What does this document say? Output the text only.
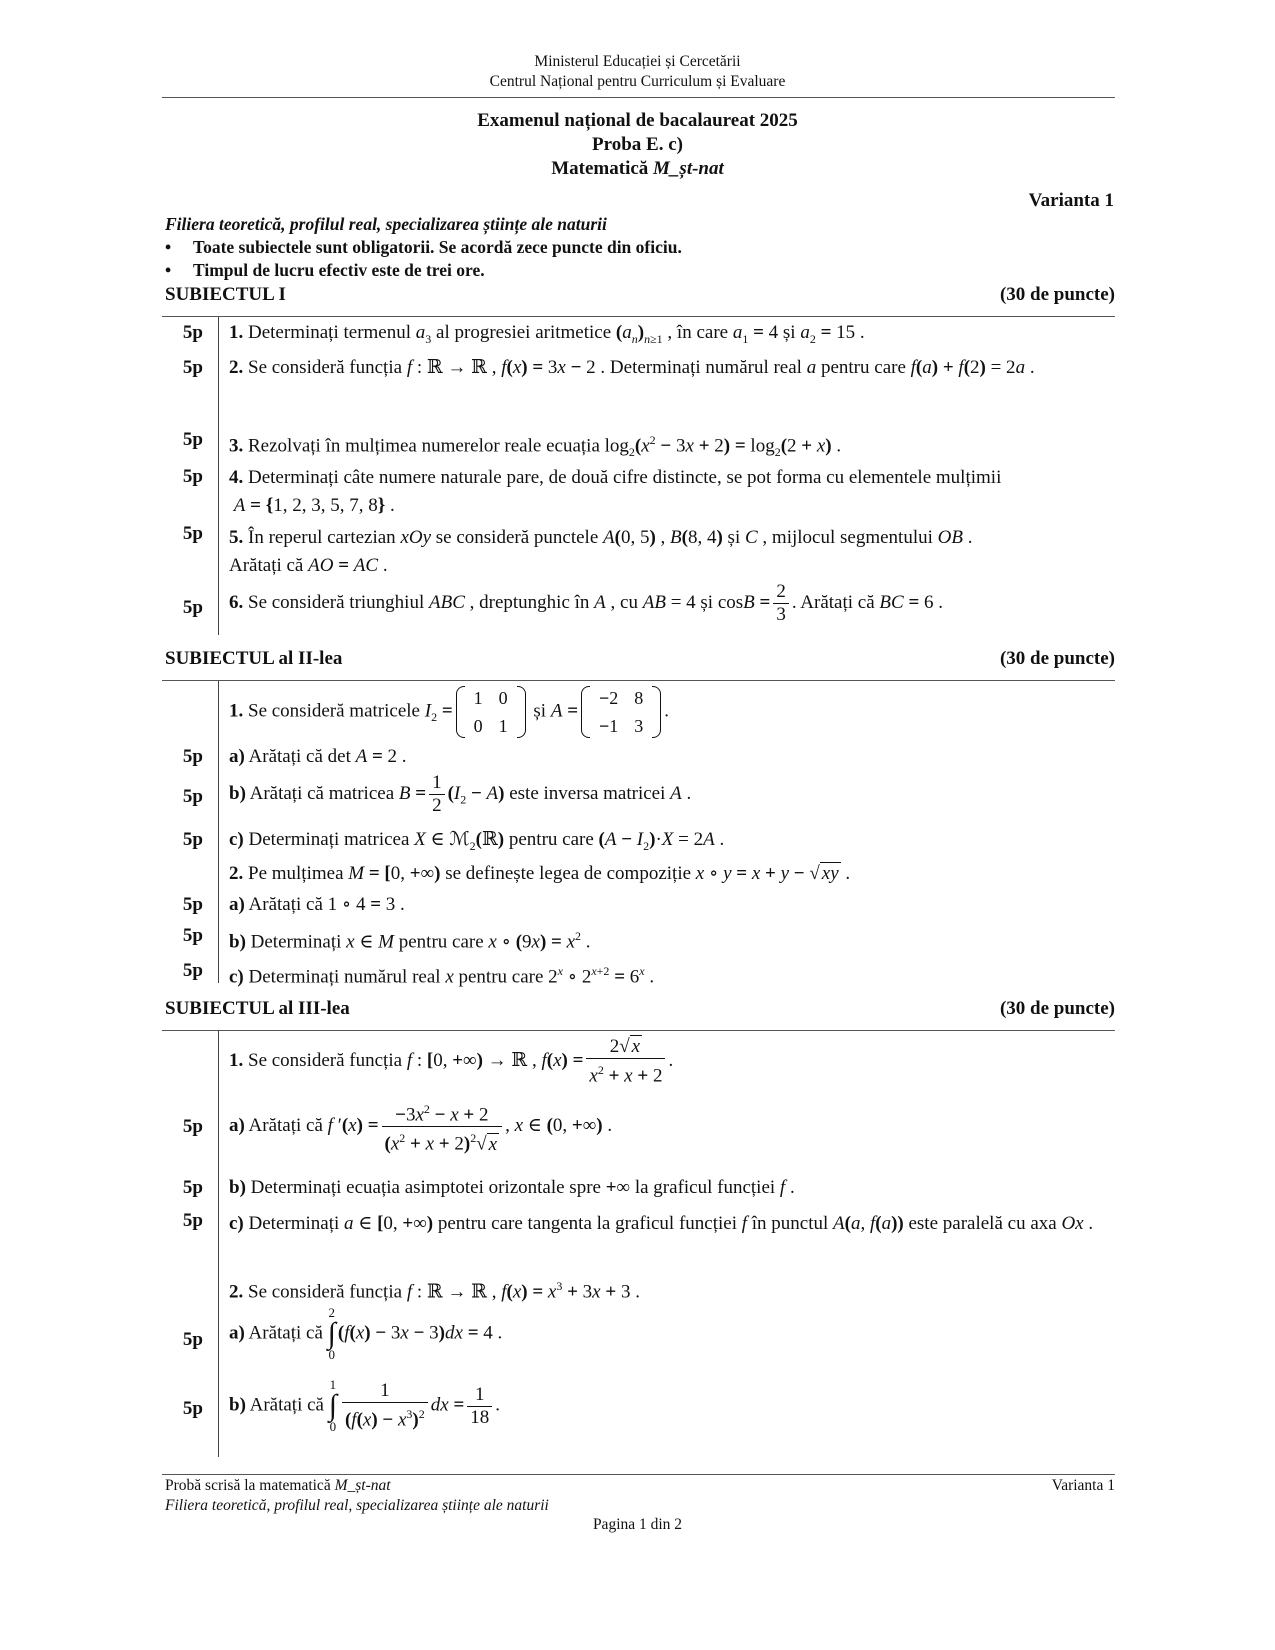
Ministerul Educației și Cercetării
Centrul Național pentru Curriculum și Evaluare
Examenul național de bacalaureat 2025
Proba E. c)
Matematică M_șt-nat
Varianta 1
Filiera teoretică, profilul real, specializarea științe ale naturii
• Toate subiectele sunt obligatorii. Se acordă zece puncte din oficiu.
• Timpul de lucru efectiv este de trei ore.
SUBIECTUL I	(30 de puncte)
5p 1. Determinați termenul $a_3$ al progresiei aritmetice $(a_n)_{n\ge 1}$ , în care $a_1 = 4$ și $a_2 = 15$ .
5p 2. Se consideră funcția f : ℝ → ℝ , f(x) = 3x − 2 . Determinați numărul real a pentru care f(a) + f(2) = 2a .
5p 3. Rezolvați în mulțimea numerelor reale ecuația $\log_2(x^2 - 3x + 2) = \log_2(2 + x)$ .
5p 4. Determinați câte numere naturale pare, de două cifre distincte, se pot forma cu elementele mulțimii
A = {1, 2, 3, 5, 7, 8} .
5p 5. În reperul cartezian xOy se consideră punctele A(0, 5) , B(8, 4) și C , mijlocul segmentului OB .
Arătați că AO = AC .
5p 6. Se consideră triunghiul ABC , dreptunghic în A , cu AB = 4 și $\cos B = \frac{2}{3}$ . Arătați că BC = 6 .
SUBIECTUL al II-lea	(30 de puncte)
1. Se consideră matricele $I_2$ =
1	0
0	1
și A =
−2	8
−1	3
.
5p a) Arătați că det A = 2 .
5p b) Arătați că matricea $B = \frac{1}{2} (I_2 - A)$ este inversa matricei A .
5p c) Determinați matricea X ∈ ℳ$_2$(ℝ) pentru care $(A - I_2)\cdot X = 2A$ .
2. Pe mulțimea M = [0, +∞) se definește legea de compoziție x ∘ y = x + y − √ xy .
5p a) Arătați că 1 ∘ 4 = 3 .
5p b) Determinați x ∈ M pentru care x ∘ $(9x) = x^2$ .
5p c) Determinați numărul real x pentru care 2$^x$ ∘ $2^{x+2} = 6^x$ .
SUBIECTUL al III-lea	(30 de puncte)
1. Se consideră funcția f : [0, +∞) → ℝ , $f(x) = \frac{2√ x}{x^2 + x + 2}$ .
5p a) Arătați că f $'(x) = \frac{-3x^2 - x + 2}{(x^2 + x + 2)^2√ x}$ , x ∈ (0, +∞) .
5p b) Determinați ecuația asimptotei orizontale spre +∞ la graficul funcției f .
5p c) Determinați a ∈ [0, +∞) pentru care tangenta la graficul funcției f în punctul A(a, f(a)) este paralelă cu axa Ox .
2. Se consideră funcția f : ℝ → ℝ , $f(x) = x^3 + 3x + 3$ .
5p a) Arătați că 2
∫
0(f(x) − 3x − 3)dx = 4 .
5p b) Arătați că 1
∫
$0 \frac{1}{(f(x) - x^3)^2}$ dx = $\frac{1}{18}$ .
Probă scrisă la matematică M_șt-nat	Varianta 1
Filiera teoretică, profilul real, specializarea științe ale naturii
Pagina 1 din 2
